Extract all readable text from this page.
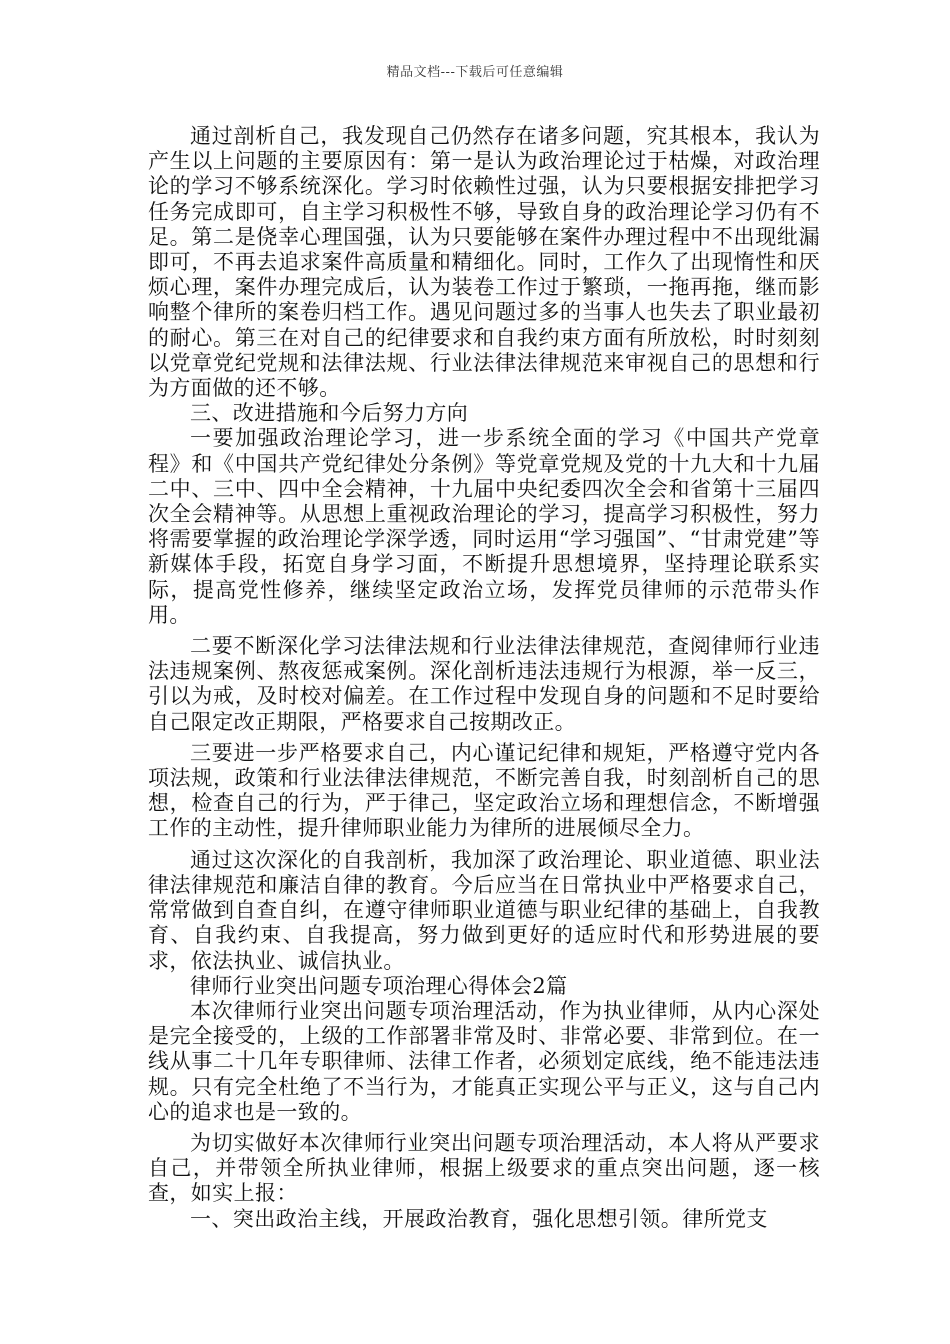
精品文档---下载后可任意编辑

通过剖析自己，我发现自己仍然存在诸多问题，究其根本，我认为产生以上问题的主要原因有：第一是认为政治理论过于枯燥，对政治理论的学习不够系统深化。学习时依赖性过强，认为只要根据安排把学习任务完成即可，自主学习积极性不够，导致自身的政治理论学习仍有不足。第二是侥幸心理国强，认为只要能够在案件办理过程中不出现纰漏即可，不再去追求案件高质量和精细化。同时，工作久了出现惰性和厌烦心理，案件办理完成后，认为装卷工作过于繁琐，一拖再拖，继而影响整个律所的案卷归档工作。遇见问题过多的当事人也失去了职业最初的耐心。第三在对自己的纪律要求和自我约束方面有所放松，时时刻刻以党章党纪党规和法律法规、行业法律法律规范来审视自己的思想和行为方面做的还不够。

三、改进措施和今后努力方向

一要加强政治理论学习，进一步系统全面的学习《中国共产党章程》和《中国共产党纪律处分条例》等党章党规及党的十九大和十九届二中、三中、四中全会精神，十九届中央纪委四次全会和省第十三届四次全会精神等。从思想上重视政治理论的学习，提高学习积极性，努力将需要掌握的政治理论学深学透，同时运用“学习强国”、“甘肃党建”等新媒体手段，拓宽自身学习面，不断提升思想境界，坚持理论联系实际，提高党性修养，继续坚定政治立场，发挥党员律师的示范带头作用。

二要不断深化学习法律法规和行业法律法律规范，查阅律师行业违法违规案例、熬夜惩戒案例。深化剖析违法违规行为根源，举一反三，引以为戒，及时校对偏差。在工作过程中发现自身的问题和不足时要给自己限定改正期限，严格要求自己按期改正。

三要进一步严格要求自己，内心谨记纪律和规矩，严格遵守党内各项法规，政策和行业法律法律规范，不断完善自我，时刻剖析自己的思想，检查自己的行为，严于律己，坚定政治立场和理想信念，不断增强工作的主动性，提升律师职业能力为律所的进展倾尽全力。

通过这次深化的自我剖析，我加深了政治理论、职业道德、职业法律法律规范和廉洁自律的教育。今后应当在日常执业中严格要求自己，常常做到自查自纠，在遵守律师职业道德与职业纪律的基础上，自我教育、自我约束、自我提高，努力做到更好的适应时代和形势进展的要求，依法执业、诚信执业。

律师行业突出问题专项治理心得体会2篇

本次律师行业突出问题专项治理活动，作为执业律师，从内心深处是完全接受的，上级的工作部署非常及时、非常必要、非常到位。在一线从事二十几年专职律师、法律工作者，必须划定底线，绝不能违法违规。只有完全杜绝了不当行为，才能真正实现公平与正义，这与自己内心的追求也是一致的。

为切实做好本次律师行业突出问题专项治理活动，本人将从严要求自己，并带领全所执业律师，根据上级要求的重点突出问题，逐一核查，如实上报：

一、突出政治主线，开展政治教育，强化思想引领。律所党支
